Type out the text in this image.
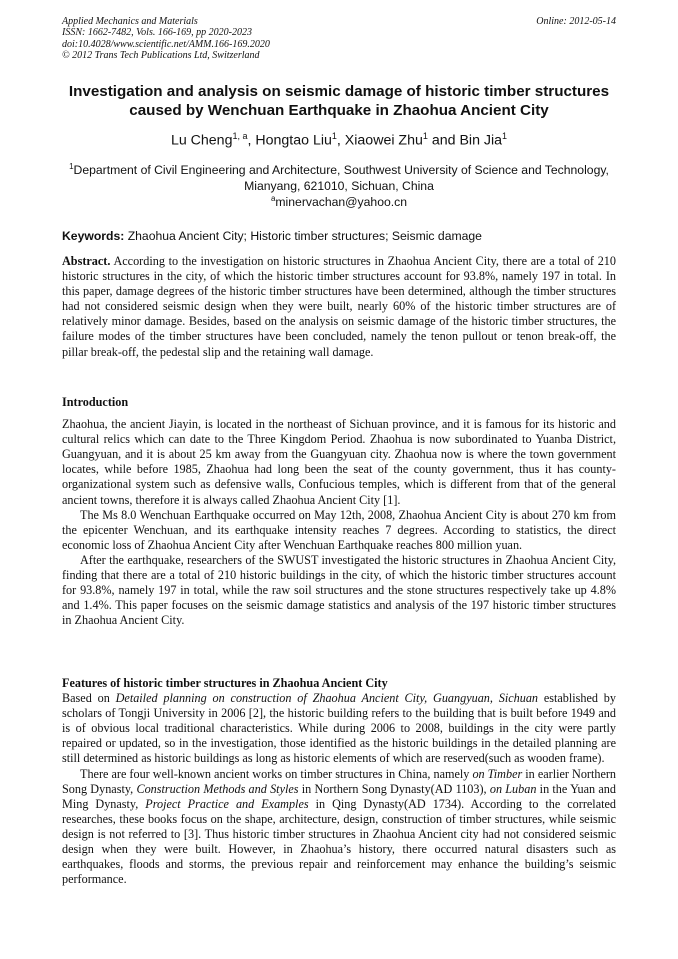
Applied Mechanics and Materials
ISSN: 1662-7482, Vols. 166-169, pp 2020-2023
doi:10.4028/www.scientific.net/AMM.166-169.2020
© 2012 Trans Tech Publications Ltd, Switzerland
Online: 2012-05-14
Investigation and analysis on seismic damage of historic timber structures caused by Wenchuan Earthquake in Zhaohua Ancient City
Lu Cheng$^{1, a}$, Hongtao Liu$^1$, Xiaowei Zhu$^1$ and Bin Jia$^1$
$^1$Department of Civil Engineering and Architecture, Southwest University of Science and Technology, Mianyang, 621010, Sichuan, China
$^a$minervachan@yahoo.cn
Keywords: Zhaohua Ancient City; Historic timber structures; Seismic damage

Abstract. According to the investigation on historic structures in Zhaohua Ancient City, there are a total of 210 historic structures in the city, of which the historic timber structures account for 93.8%, namely 197 in total. In this paper, damage degrees of the historic timber structures have been determined, although the timber structures had not considered seismic design when they were built, nearly 60% of the historic timber structures are of relatively minor damage. Besides, based on the analysis on seismic damage of the historic timber structures, the failure modes of the timber structures have been concluded, namely the tenon pullout or tenon break-off, the pillar break-off, the pedestal slip and the retaining wall damage.

Introduction

Zhaohua, the ancient Jiayin, is located in the northeast of Sichuan province, and it is famous for its historic and cultural relics which can date to the Three Kingdom Period. Zhaohua is now subordinated to Yuanba District, Guangyuan, and it is about 25 km away from the Guangyuan city. Zhaohua now is where the town government locates, while before 1985, Zhaohua had long been the seat of the county government, thus it has county-organizational system such as defensive walls, Confucious temples, which is different from that of the general ancient towns, therefore it is always called Zhaohua Ancient City [1].

The Ms 8.0 Wenchuan Earthquake occurred on May 12th, 2008, Zhaohua Ancient City is about 270 km from the epicenter Wenchuan, and its earthquake intensity reaches 7 degrees. According to statistics, the direct economic loss of Zhaohua Ancient City after Wenchuan Earthquake reaches 800 million yuan.

After the earthquake, researchers of the SWUST investigated the historic structures in Zhaohua Ancient City, finding that there are a total of 210 historic buildings in the city, of which the historic timber structures account for 93.8%, namely 197 in total, while the raw soil structures and the stone structures respectively take up 4.8% and 1.4%. This paper focuses on the seismic damage statistics and analysis of the 197 historic timber structures in Zhaohua Ancient City.

Features of historic timber structures in Zhaohua Ancient City

Based on Detailed planning on construction of Zhaohua Ancient City, Guangyuan, Sichuan established by scholars of Tongji University in 2006 [2], the historic building refers to the building that is built before 1949 and is of obvious local traditional characteristics. While during 2006 to 2008, buildings in the city were partly repaired or updated, so in the investigation, those identified as the historic buildings in the detailed planning are still determined as historic buildings as long as historic elements of which are reserved(such as wooden frame).

There are four well-known ancient works on timber structures in China, namely on Timber in earlier Northern Song Dynasty, Construction Methods and Styles in Northern Song Dynasty(AD 1103), on Luban in the Yuan and Ming Dynasty, Project Practice and Examples in Qing Dynasty(AD 1734). According to the correlated researches, these books focus on the shape, architecture, design, construction of timber structures, while seismic design is not referred to [3]. Thus historic timber structures in Zhaohua Ancient city had not considered seismic design when they were built. However, in Zhaohua’s history, there occurred natural disasters such as earthquakes, floods and storms, the previous repair and reinforcement may enhance the building’s seismic performance.
